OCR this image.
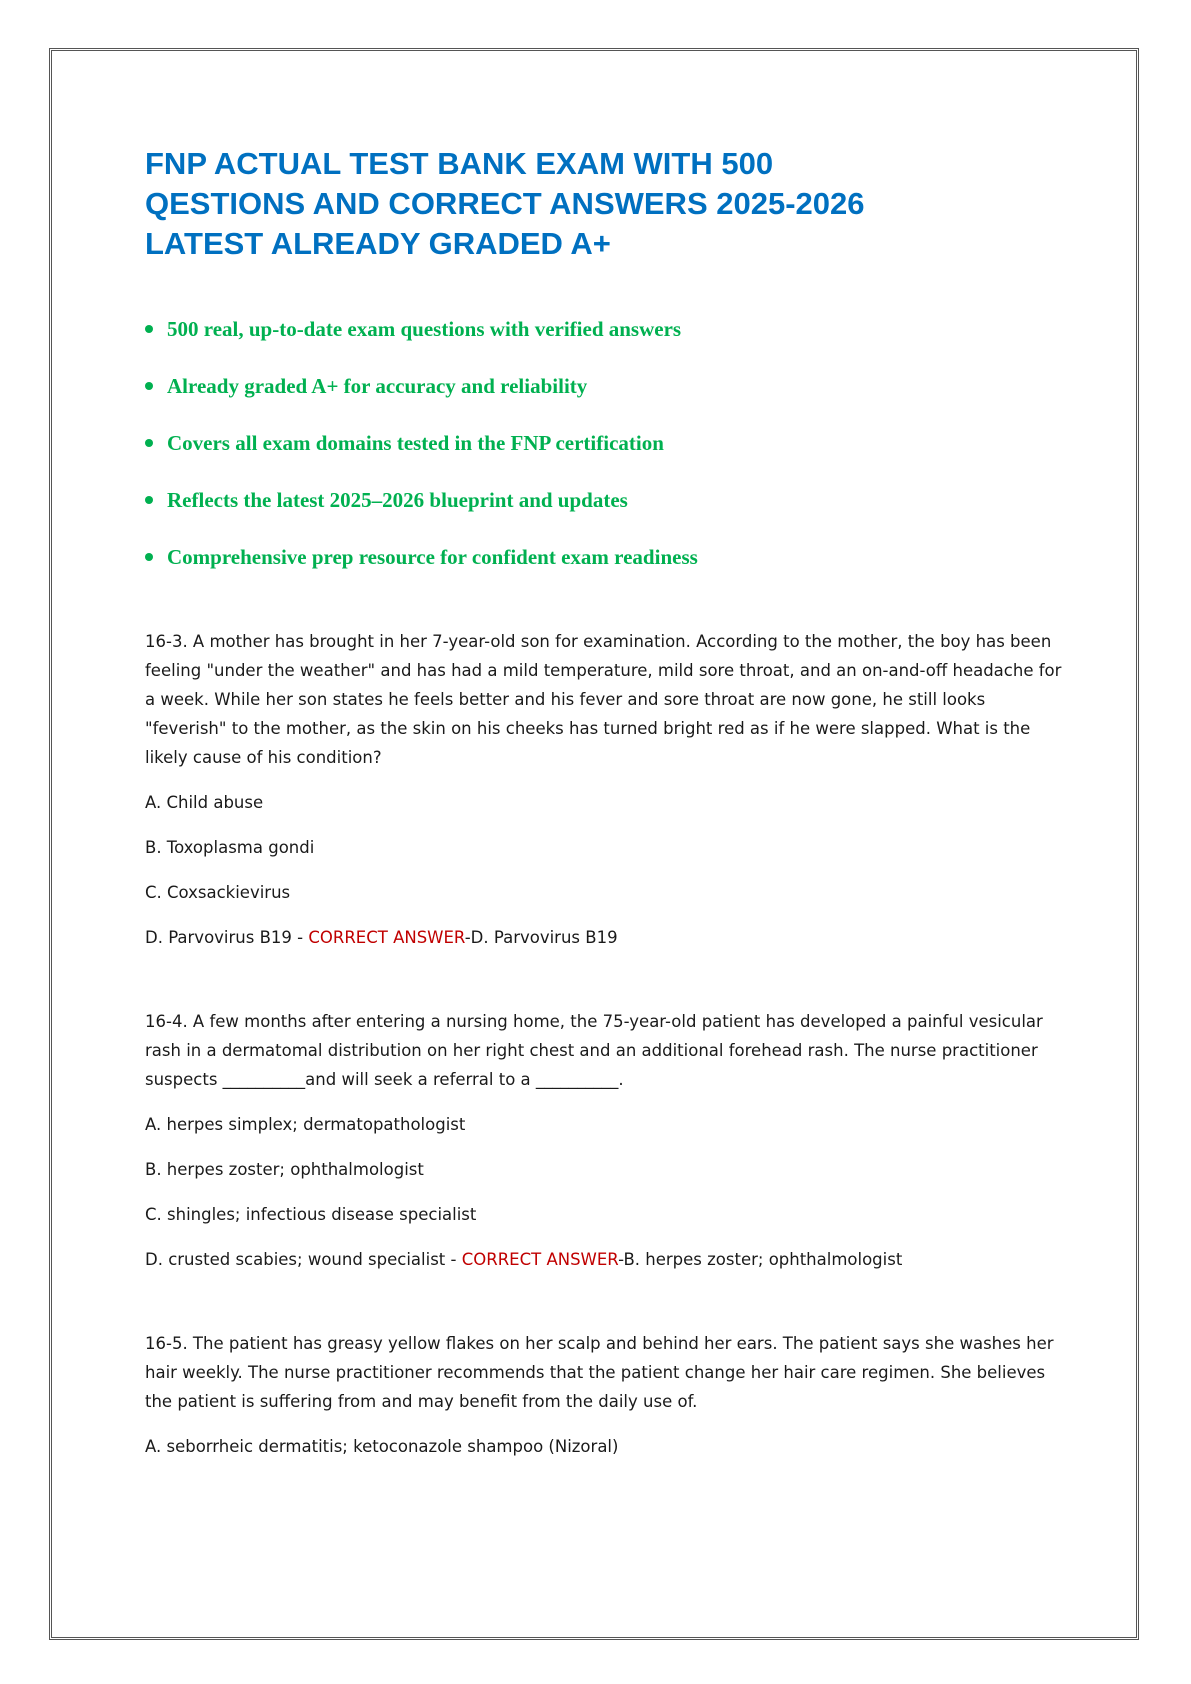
FNP ACTUAL TEST BANK EXAM WITH 500
QESTIONS AND CORRECT ANSWERS 2025-2026
LATEST ALREADY GRADED A+
500 real, up-to-date exam questions with verified answers
Already graded A+ for accuracy and reliability
Covers all exam domains tested in the FNP certification
Reflects the latest 2025–2026 blueprint and updates
Comprehensive prep resource for confident exam readiness

16-3. A mother has brought in her 7-year-old son for examination. According to the mother, the boy has been feeling "under the weather" and has had a mild temperature, mild sore throat, and an on-and-off headache for a week. While her son states he feels better and his fever and sore throat are now gone, he still looks "feverish" to the mother, as the skin on his cheeks has turned bright red as if he were slapped. What is the likely cause of his condition?

A. Child abuse

B. Toxoplasma gondi

C. Coxsackievirus

D. Parvovirus B19 - CORRECT ANSWER-D. Parvovirus B19

16-4. A few months after entering a nursing home, the 75-year-old patient has developed a painful vesicular rash in a dermatomal distribution on her right chest and an additional forehead rash. The nurse practitioner suspects __________and will seek a referral to a __________.

A. herpes simplex; dermatopathologist

B. herpes zoster; ophthalmologist

C. shingles; infectious disease specialist

D. crusted scabies; wound specialist - CORRECT ANSWER-B. herpes zoster; ophthalmologist

16-5. The patient has greasy yellow flakes on her scalp and behind her ears. The patient says she washes her hair weekly. The nurse practitioner recommends that the patient change her hair care regimen. She believes the patient is suffering from and may benefit from the daily use of.

A. seborrheic dermatitis; ketoconazole shampoo (Nizoral)
